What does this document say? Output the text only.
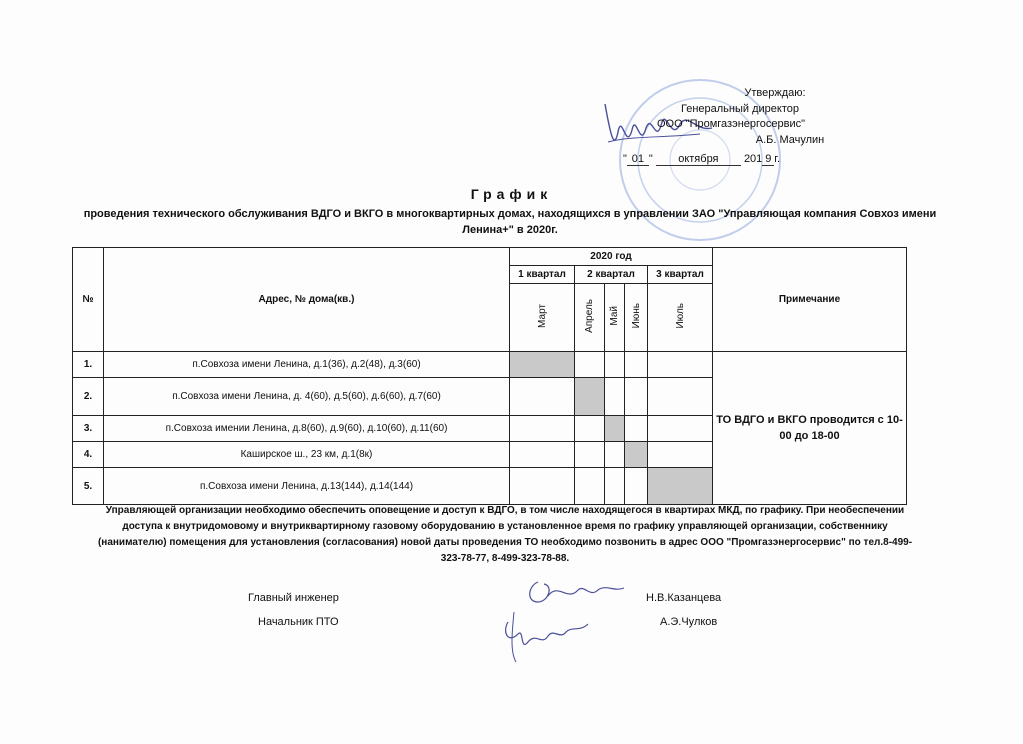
Утверждаю:
Генеральный директор
ООО "Промгазэнергосервис"
А.Б. Мачулин
" 01 " октября 201 9 г.
График
проведения технического обслуживания ВДГО и ВКГО в многоквартирных домах, находящихся в управлении ЗАО "Управляющая компания Совхоз имени Ленина+" в 2020г.
№	Адрес, № дома(кв.)	2020 год					Примечание
		1 квартал	2 квартал			3 квартал	
		Март	Апрель	Май	Июнь	Июль	
1.	п.Совхоза имени Ленина, д.1(36), д.2(48), д.3(60)						ТО ВДГО и ВКГО проводится с 10-00 до 18-00
2.	п.Совхоза имени Ленина, д. 4(60), д.5(60), д.6(60), д.7(60)						
3.	п.Совхоза имении Ленина, д.8(60), д.9(60), д.10(60), д.11(60)						
4.	Каширское ш., 23 км, д.1(8к)						
5.	п.Совхоза имени Ленина, д.13(144), д.14(144)						
Управляющей организации необходимо обеспечить оповещение и доступ к ВДГО, в том числе находящегося в квартирах МКД, по графику. При необеспечении доступа к внутридомовому и внутриквартирному газовому оборудованию в установленное время по графику управляющей организации, собственнику (нанимателю) помещения для установления (согласования) новой даты проведения ТО необходимо позвонить в адрес ООО "Промгазэнергосервис" по тел.8-499-323-78-77, 8-499-323-78-88.
Главный инженер	Н.В.Казанцева
Начальник ПТО	А.Э.Чулков
